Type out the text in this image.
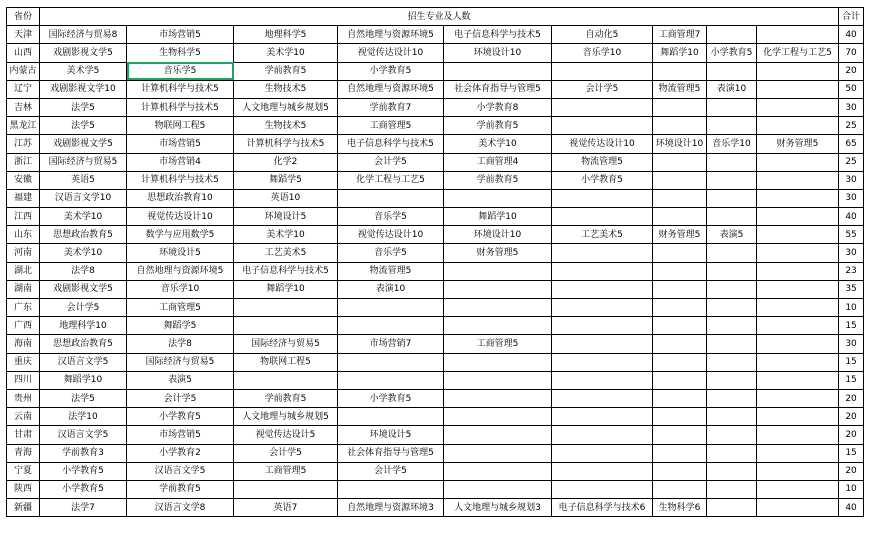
省份	招生专业及人数									合计
天津	国际经济与贸易8	市场营销5	地理科学5	自然地理与资源环境5	电子信息科学与技术5	自动化5	工商管理7			40
山西	戏剧影视文学5	生物科学5	美术学10	视觉传达设计10	环境设计10	音乐学10	舞蹈学10	小学教育5	化学工程与工艺5	70
内蒙古	美术学5	音乐学5	学前教育5	小学教育5						20
辽宁	戏剧影视文学10	计算机科学与技术5	生物技术5	自然地理与资源环境5	社会体育指导与管理5	会计学5	物流管理5	表演10		50
吉林	法学5	计算机科学与技术5	人文地理与城乡规划5	学前教育7	小学教育8					30
黑龙江	法学5	物联网工程5	生物技术5	工商管理5	学前教育5					25
江苏	戏剧影视文学5	市场营销5	计算机科学与技术5	电子信息科学与技术5	美术学10	视觉传达设计10	环境设计10	音乐学10	财务管理5	65
浙江	国际经济与贸易5	市场营销4	化学2	会计学5	工商管理4	物流管理5				25
安徽	英语5	计算机科学与技术5	舞蹈学5	化学工程与工艺5	学前教育5	小学教育5				30
福建	汉语言文学10	思想政治教育10	英语10							30
江西	美术学10	视觉传达设计10	环境设计5	音乐学5	舞蹈学10					40
山东	思想政治教育5	数学与应用数学5	美术学10	视觉传达设计10	环境设计10	工艺美术5	财务管理5	表演5		55
河南	美术学10	环境设计5	工艺美术5	音乐学5	财务管理5					30
湖北	法学8	自然地理与资源环境5	电子信息科学与技术5	物流管理5						23
湖南	戏剧影视文学5	音乐学10	舞蹈学10	表演10						35
广东	会计学5	工商管理5								10
广西	地理科学10	舞蹈学5								15
海南	思想政治教育5	法学8	国际经济与贸易5	市场营销7	工商管理5					30
重庆	汉语言文学5	国际经济与贸易5	物联网工程5							15
四川	舞蹈学10	表演5								15
贵州	法学5	会计学5	学前教育5	小学教育5						20
云南	法学10	小学教育5	人文地理与城乡规划5							20
甘肃	汉语言文学5	市场营销5	视觉传达设计5	环境设计5						20
青海	学前教育3	小学教育2	会计学5	社会体育指导与管理5						15
宁夏	小学教育5	汉语言文学5	工商管理5	会计学5						20
陕西	小学教育5	学前教育5								10
新疆	法学7	汉语言文学8	英语7	自然地理与资源环境3	人文地理与城乡规划3	电子信息科学与技术6	生物科学6			40
